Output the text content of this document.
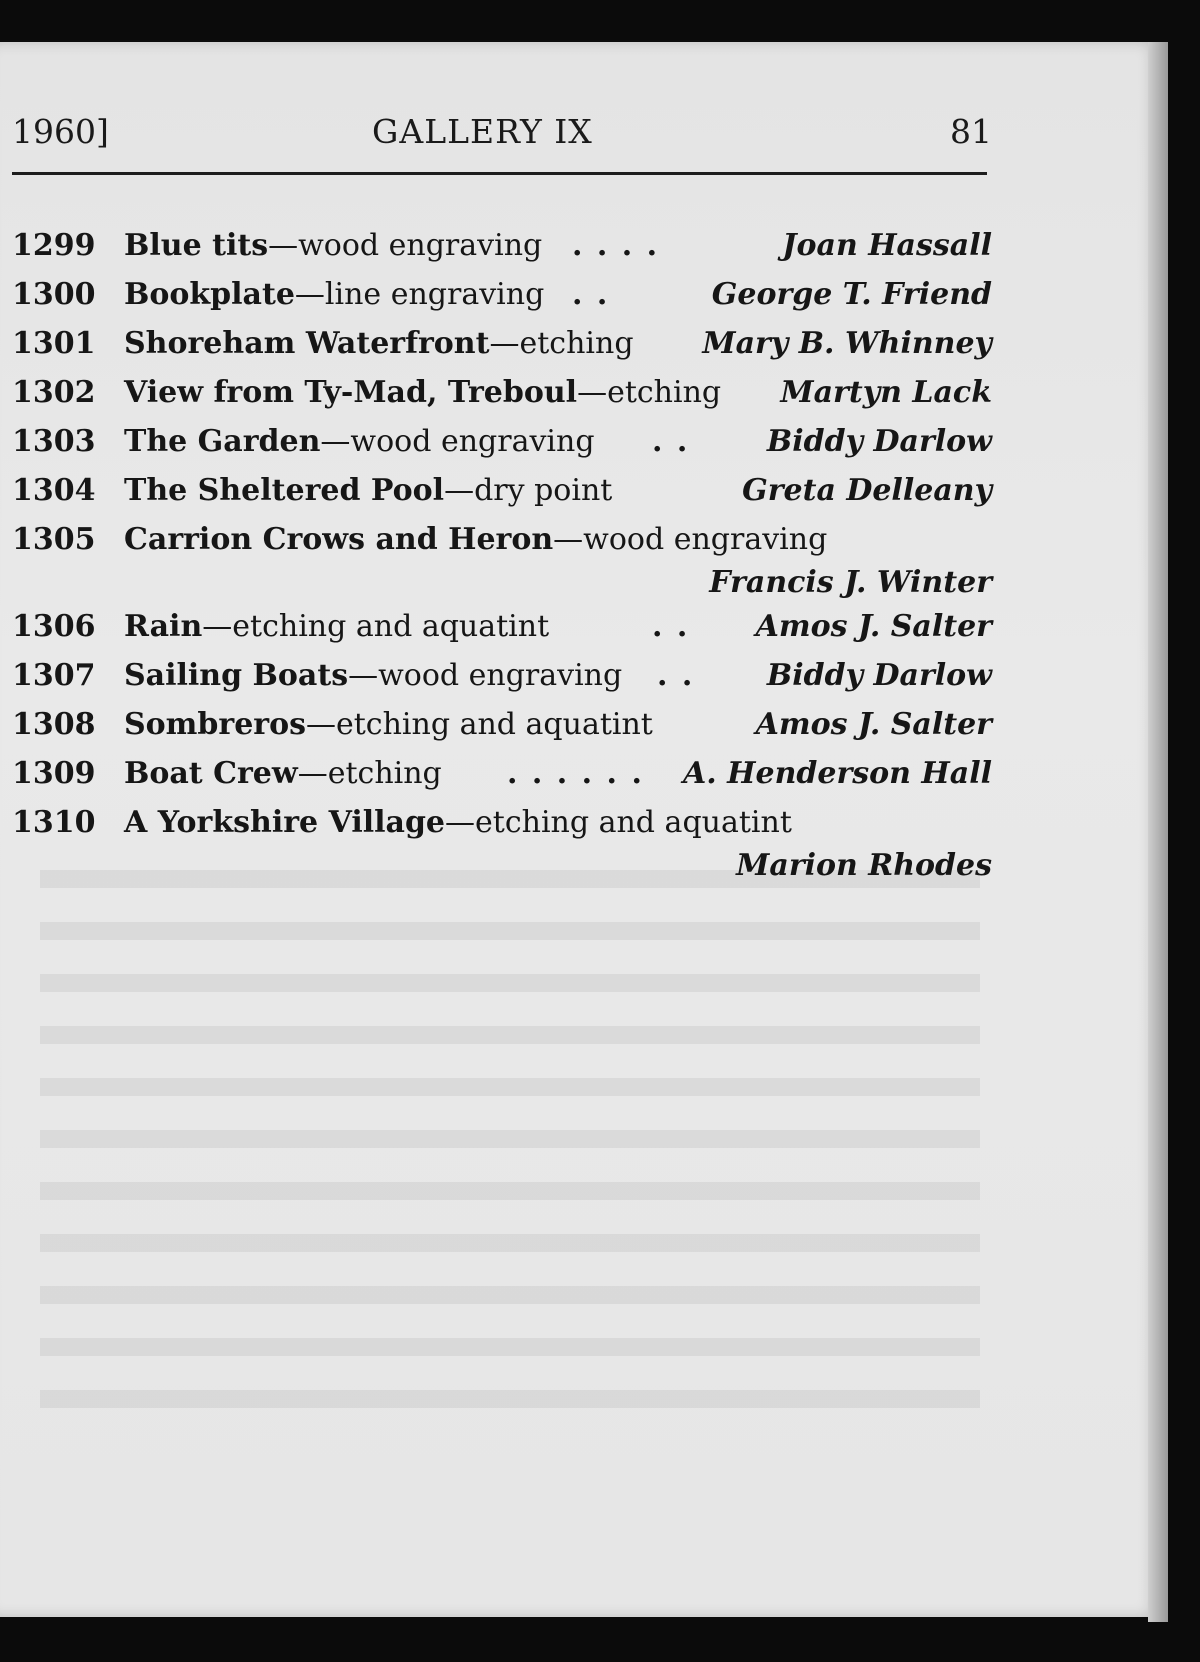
1960]	GALLERY IX	81
1299 Blue tits—wood engraving . . . .	Joan Hassall
1300 Bookplate—line engraving . .	George T. Friend
1301 Shoreham Waterfront—etching Mary B. Whinney
1302 View from Ty-Mad, Treboul—etching Martyn Lack
1303 The Garden—wood engraving . .	Biddy Darlow
1304 The Sheltered Pool—dry point	Greta Delleany
1305 Carrion Crows and Heron—wood engraving
Francis J. Winter
1306 Rain—etching and aquatint	. . Amos J. Salter
1307 Sailing Boats—wood engraving . . Biddy Darlow
1308 Sombreros—etching and aquatint	Amos J. Salter
1309 Boat Crew—etching . . . . . . A. Henderson Hall
1310 A Yorkshire Village—etching and aquatint
Marion Rhodes
